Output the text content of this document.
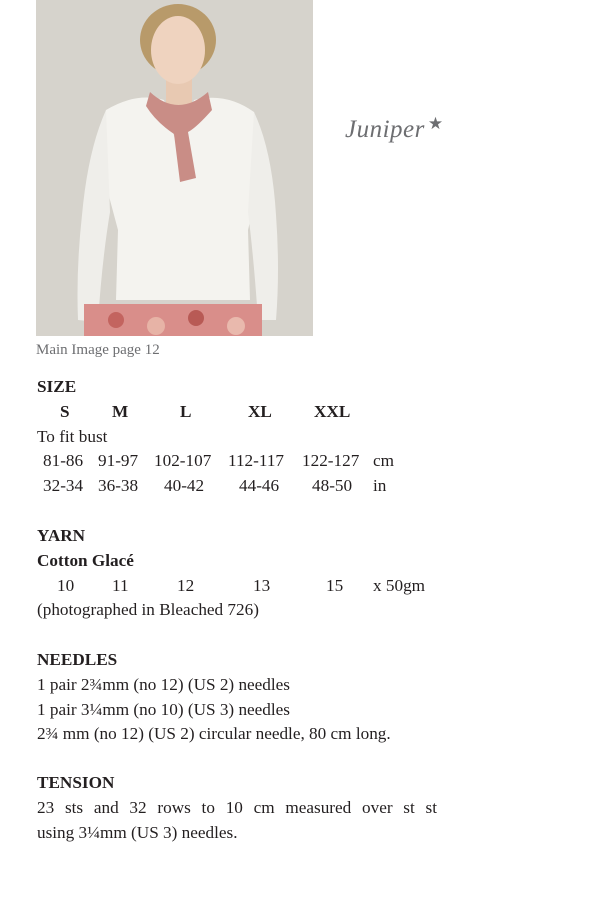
Main Image page 12
Juniper ★
SIZE
S M	L	XL XXL
To fit bust
81-86 91-97 102-107 112-117 122-127 cm
32-34 36-38 40-42 44-46 48-50 in
YARN
Cotton Glacé
10 11	12	13	15 x 50gm
(photographed in Bleached 726)
NEEDLES
1 pair 2¾mm (no 12) (US 2) needles
1 pair 3¼mm (no 10) (US 3) needles
2¾ mm (no 12) (US 2) circular needle, 80 cm long.
TENSION
23 sts and 32 rows to 10 cm measured over st st
using 3¼mm (US 3) needles.
